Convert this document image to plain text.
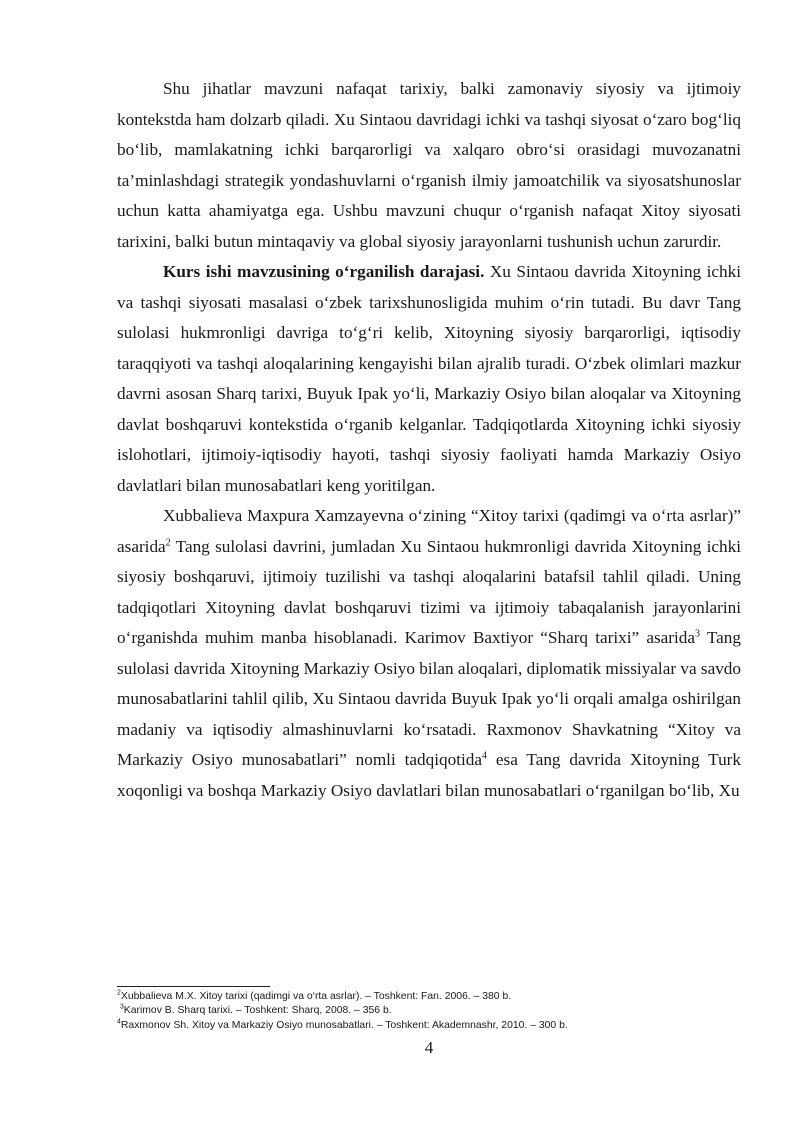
Shu jihatlar mavzuni nafaqat tarixiy, balki zamonaviy siyosiy va ijtimoiy kontekstda ham dolzarb qiladi. Xu Sintaou davridagi ichki va tashqi siyosat o‘zaro bog‘liq bo‘lib, mamlakatning ichki barqarorligi va xalqaro obro‘si orasidagi muvozanatni ta’minlashdagi strategik yondashuvlarni o‘rganish ilmiy jamoatchilik va siyosatshunoslar uchun katta ahamiyatga ega. Ushbu mavzuni chuqur o‘rganish nafaqat Xitoy siyosati tarixini, balki butun mintaqaviy va global siyosiy jarayonlarni tushunish uchun zarurdir.

Kurs ishi mavzusining o‘rganilish darajasi. Xu Sintaou davrida Xitoyning ichki va tashqi siyosati masalasi o‘zbek tarixshunosligida muhim o‘rin tutadi. Bu davr Tang sulolasi hukmronligi davriga to‘g‘ri kelib, Xitoyning siyosiy barqarorligi, iqtisodiy taraqqiyoti va tashqi aloqalarining kengayishi bilan ajralib turadi. O‘zbek olimlari mazkur davrni asosan Sharq tarixi, Buyuk Ipak yo‘li, Markaziy Osiyo bilan aloqalar va Xitoyning davlat boshqaruvi kontekstida o‘rganib kelganlar. Tadqiqotlarda Xitoyning ichki siyosiy islohotlari, ijtimoiy-iqtisodiy hayoti, tashqi siyosiy faoliyati hamda Markaziy Osiyo davlatlari bilan munosabatlari keng yoritilgan.

Xubbalieva Maxpura Xamzayevna o‘zining “Xitoy tarixi (qadimgi va o‘rta asrlar)” asarida$^2$ Tang sulolasi davrini, jumladan Xu Sintaou hukmronligi davrida Xitoyning ichki siyosiy boshqaruvi, ijtimoiy tuzilishi va tashqi aloqalarini batafsil tahlil qiladi. Uning tadqiqotlari Xitoyning davlat boshqaruvi tizimi va ijtimoiy tabaqalanish jarayonlarini o‘rganishda muhim manba hisoblanadi. Karimov Baxtiyor “Sharq tarixi” asarida$^3$ Tang sulolasi davrida Xitoyning Markaziy Osiyo bilan aloqalari, diplomatik missiyalar va savdo munosabatlarini tahlil qilib, Xu Sintaou davrida Buyuk Ipak yo‘li orqali amalga oshirilgan madaniy va iqtisodiy almashinuvlarni ko‘rsatadi. Raxmonov Shavkatning “Xitoy va Markaziy Osiyo munosabatlari” nomli tadqiqotida$^4$ esa Tang davrida Xitoyning Turk xoqonligi va boshqa Markaziy Osiyo davlatlari bilan munosabatlari o‘rganilgan bo‘lib, Xu

$^2$Xubbalieva M.X. Xitoy tarixi (qadimgi va o‘rta asrlar). – Toshkent: Fan. 2006. – 380 b.

$^3$Karimov B. Sharq tarixi. – Toshkent: Sharq, 2008. – 356 b.

$^4$Raxmonov Sh. Xitoy va Markaziy Osiyo munosabatlari. – Toshkent: Akademnashr, 2010. – 300 b.

4
